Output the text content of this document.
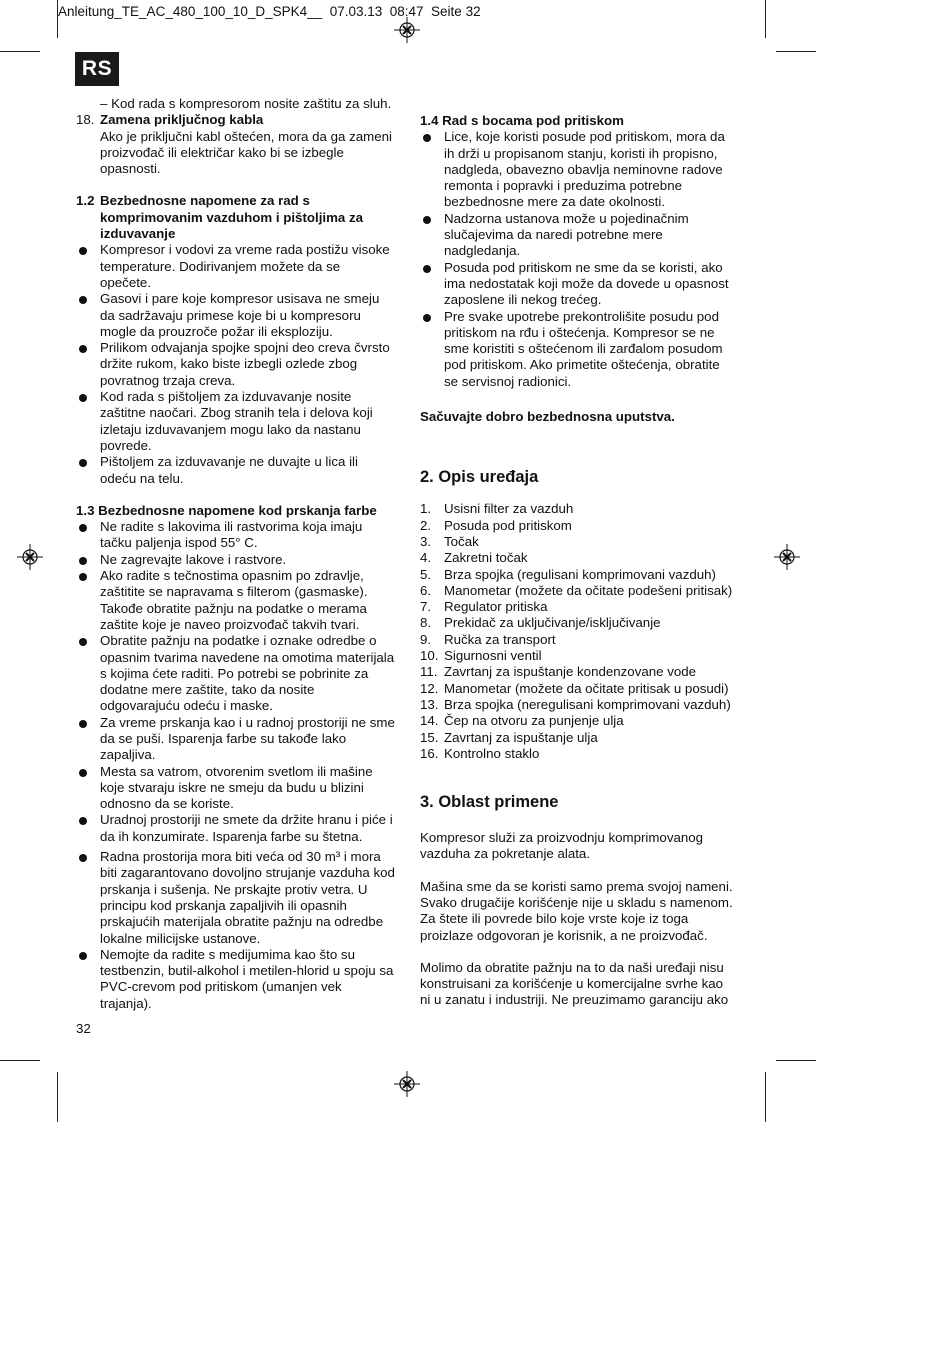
Anleitung_TE_AC_480_100_10_D_SPK4__  07.03.13  08:47  Seite 32
RS

– Kod rada s kompresorom nosite zaštitu za sluh.

18. Zamena priključnog kabla
Ako je priključni kabl oštećen, mora da ga zameni
proizvođač ili električar kako bi se izbegle
opasnosti.
1.2 Bezbednosne napomene za rad s
komprimovanim vazduhom i pištoljima za
izduvavanje
Kompresor i vodovi za vreme rada postižu visoke
temperature. Dodirivanjem možete da se
opečete.
Gasovi i pare koje kompresor usisava ne smeju
da sadržavaju primese koje bi u kompresoru
mogle da prouzroče požar ili eksploziju.
Prilikom odvajanja spojke spojni deo creva čvrsto
držite rukom, kako biste izbegli ozlede zbog
povratnog trzaja creva.
Kod rada s pištoljem za izduvavanje nosite
zaštitne naočari. Zbog stranih tela i delova koji
izletaju izduvavanjem mogu lako da nastanu
povrede.
Pištoljem za izduvavanje ne duvajte u lica ili
odeću na telu.

1.3 Bezbednosne napomene kod prskanja farbe

Ne radite s lakovima ili rastvorima koja imaju
tačku paljenja ispod 55° C.
Ne zagrevajte lakove i rastvore.
Ako radite s tečnostima opasnim po zdravlje,
zaštitite se napravama s filterom (gasmaske).
Takođe obratite pažnju na podatke o merama
zaštite koje je naveo proizvođač takvih tvari.
Obratite pažnju na podatke i oznake odredbe o
opasnim tvarima navedene na omotima materijala
s kojima ćete raditi. Po potrebi se pobrinite za
dodatne mere zaštite, tako da nosite
odgovarajuću odeću i maske.
Za vreme prskanja kao i u radnoj prostoriji ne sme
da se puši. Isparenja farbe su takođe lako
zapaljiva.
Mesta sa vatrom, otvorenim svetlom ili mašine
koje stvaraju iskre ne smeju da budu u blizini
odnosno da se koriste.
Uradnoj prostoriji ne smete da držite hranu i piće i
da ih konzumirate. Isparenja farbe su štetna.
Radna prostorija mora biti veća od 30 m³ i mora
biti zagarantovano dovoljno strujanje vazduha kod
prskanja i sušenja. Ne prskajte protiv vetra. U
principu kod prskanja zapaljivih ili opasnih
prskajućih materijala obratite pažnju na odredbe
lokalne milicijske ustanove.
Nemojte da radite s medijumima kao što su
testbenzin, butil-alkohol i metilen-hlorid u spoju sa
PVC-crevom pod pritiskom (umanjen vek
trajanja).
32

1.4 Rad s bocama pod pritiskom

Lice, koje koristi posude pod pritiskom, mora da
ih drži u propisanom stanju, koristi ih propisno,
nadgleda, obavezno obavlja neminovne radove
remonta i popravki i preduzima potrebne
bezbednosne mere za date okolnosti.
Nadzorna ustanova može u pojedinačnim
slučajevima da naredi potrebne mere
nadgledanja.
Posuda pod pritiskom ne sme da se koristi, ako
ima nedostatak koji može da dovede u opasnost
zaposlene ili nekog trećeg.
Pre svake upotrebe prekontrolišite posudu pod
pritiskom na rđu i oštećenja. Kompresor se ne
sme koristiti s oštećenom ili zarđalom posudom
pod pritiskom. Ako primetite oštećenja, obratite
se servisnoj radionici.

Sačuvajte dobro bezbednosna uputstva.

2. Opis uređaja

1. Usisni filter za vazduh
2. Posuda pod pritiskom
3. Točak
4. Zakretni točak
5. Brza spojka (regulisani komprimovani vazduh)
6. Manometar (možete da očitate podešeni pritisak)
7. Regulator pritiska
8. Prekidač za uključivanje/isključivanje
9. Ručka za transport
10. Sigurnosni ventil
11. Zavrtanj za ispuštanje kondenzovane vode
12. Manometar (možete da očitate pritisak u posudi)
13. Brza spojka (neregulisani komprimovani vazduh)
14. Čep na otvoru za punjenje ulja
15. Zavrtanj za ispuštanje ulja
16. Kontrolno staklo

3. Oblast primene

Kompresor služi za proizvodnju komprimovanog
vazduha za pokretanje alata.

Mašina sme da se koristi samo prema svojoj nameni.
Svako drugačije korišćenje nije u skladu s namenom.
Za štete ili povrede bilo koje vrste koje iz toga
proizlaze odgovoran je korisnik, a ne proizvođač.

Molimo da obratite pažnju na to da naši uređaji nisu
konstruisani za korišćenje u komercijalne svrhe kao
ni u zanatu i industriji. Ne preuzimamo garanciju ako
